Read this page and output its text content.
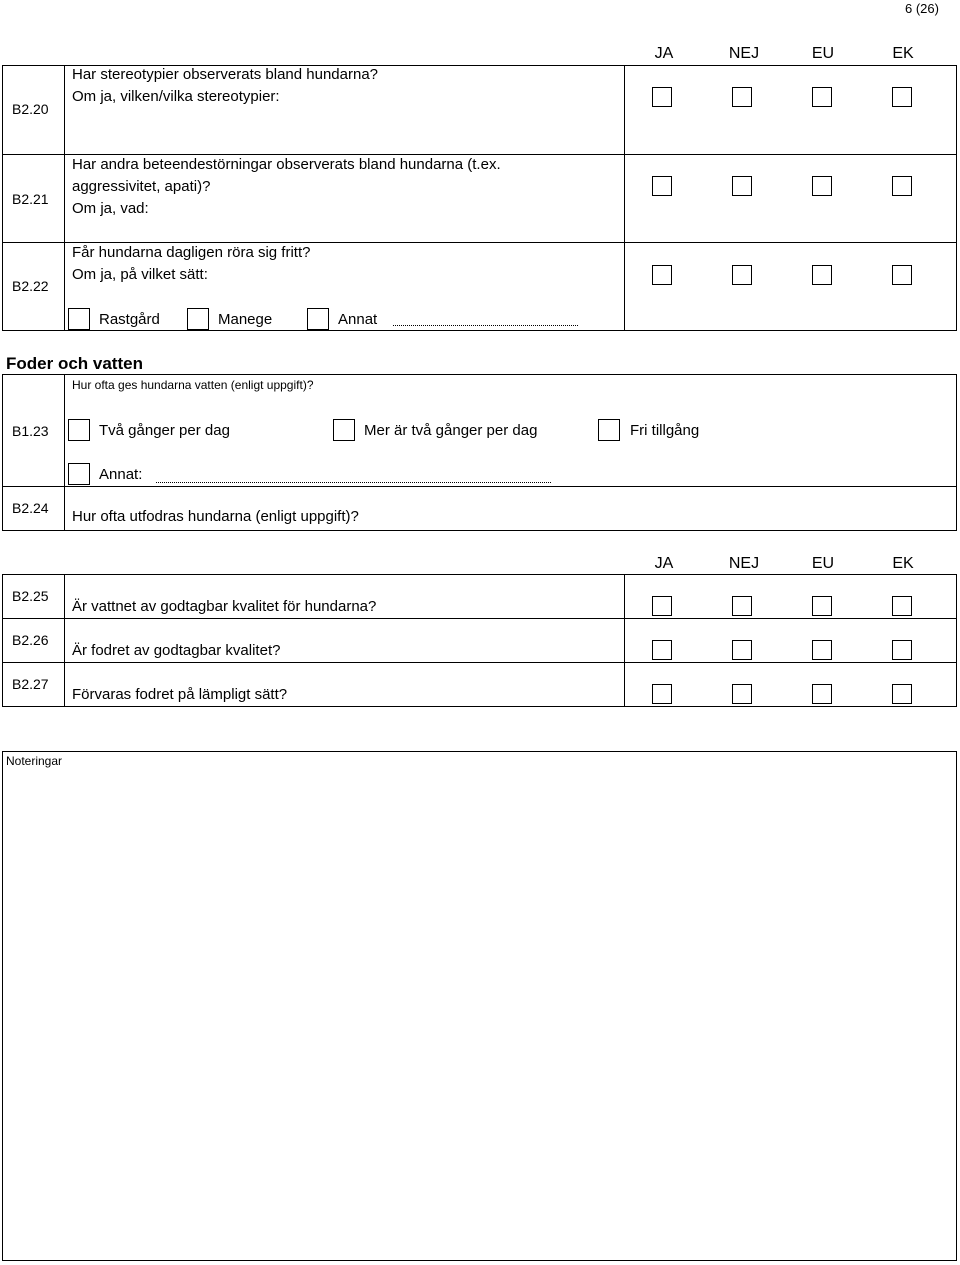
6 (26)
JA	NEJ	EU	EK
B2.20
Har stereotypier observerats bland hundarna?
Om ja, vilken/vilka stereotypier:
B2.21
Har andra beteendestörningar observerats bland hundarna (t.ex.
aggressivitet, apati)?
Om ja, vad:
B2.22
Får hundarna dagligen röra sig fritt?
Om ja, på vilket sätt:
Rastgård	Manege	Annat
Foder och vatten
Hur ofta ges hundarna vatten (enligt uppgift)?
B1.23	Två gånger per dag	Mer är två gånger per dag	Fri tillgång
Annat:
B2.24 Hur ofta utfodras hundarna (enligt uppgift)?
JA	NEJ	EU	EK
B2.25
Är vattnet av godtagbar kvalitet för hundarna?
B2.26
Är fodret av godtagbar kvalitet?
B2.27
Förvaras fodret på lämpligt sätt?
Noteringar
